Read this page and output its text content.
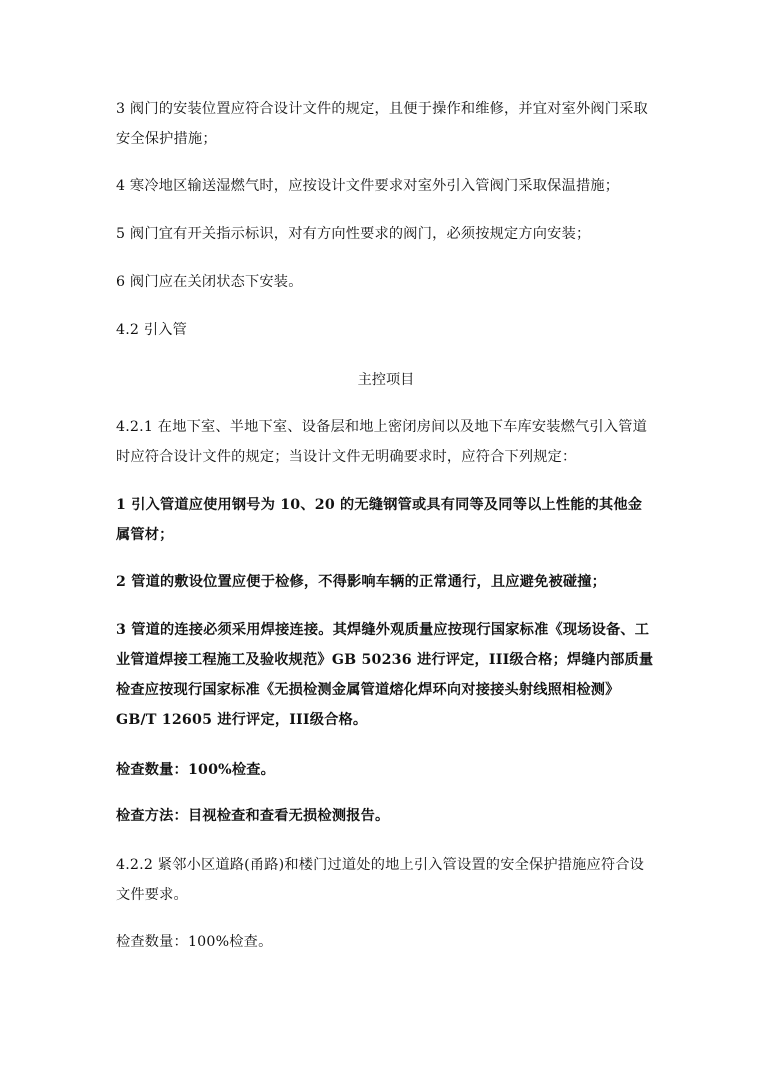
3 阀门的安装位置应符合设计文件的规定，且便于操作和维修，并宜对室外阀门采取安全保护措施；

4 寒冷地区输送湿燃气时，应按设计文件要求对室外引入管阀门采取保温措施；

5 阀门宜有开关指示标识，对有方向性要求的阀门，必须按规定方向安装；

6 阀门应在关闭状态下安装。

4.2 引入管

主控项目

4.2.1 在地下室、半地下室、设备层和地上密闭房间以及地下车库安装燃气引入管道时应符合设计文件的规定；当设计文件无明确要求时，应符合下列规定：

1 引入管道应使用钢号为 10、20 的无缝钢管或具有同等及同等以上性能的其他金属管材；

2 管道的敷设位置应便于检修，不得影响车辆的正常通行，且应避免被碰撞；

3 管道的连接必须采用焊接连接。其焊缝外观质量应按现行国家标准《现场设备、工业管道焊接工程施工及验收规范》GB 50236 进行评定，III级合格；焊缝内部质量检查应按现行国家标准《无损检测金属管道熔化焊环向对接接头射线照相检测》GB/T 12605 进行评定，III级合格。

检查数量：100%检查。

检查方法：目视检查和查看无损检测报告。

4.2.2 紧邻小区道路(甬路)和楼门过道处的地上引入管设置的安全保护措施应符合设文件要求。

检查数量：100%检查。
